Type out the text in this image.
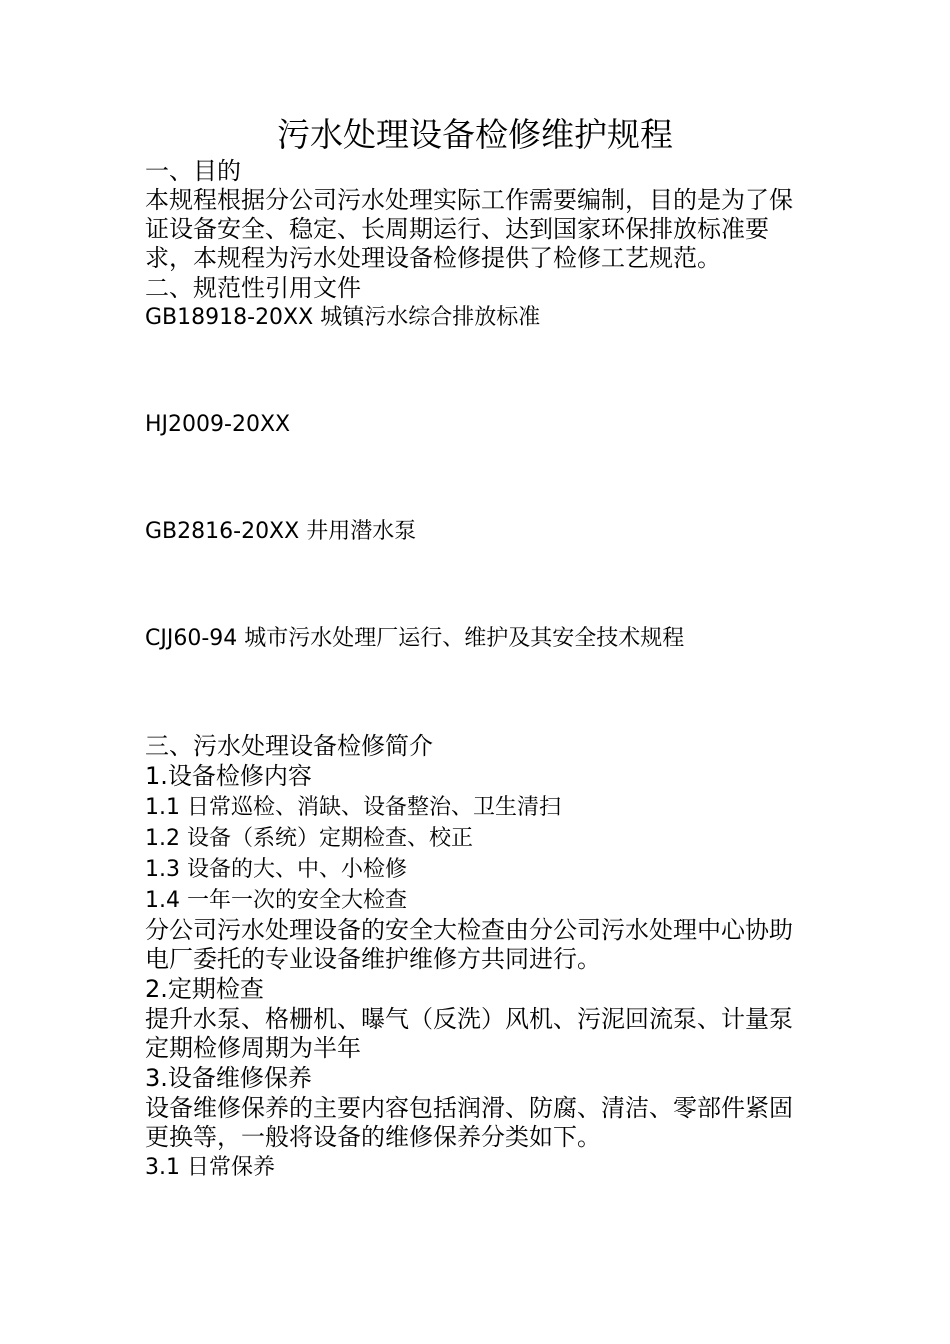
污水处理设备检修维护规程
一、目的
本规程根据分公司污水处理实际工作需要编制，目的是为了保证设备安全、稳定、长周期运行、达到国家环保排放标准要求，本规程为污水处理设备检修提供了检修工艺规范。
二、规范性引用文件
GB18918-20XX 城镇污水综合排放标准
HJ2009-20XX
GB2816-20XX 井用潜水泵
CJJ60-94 城市污水处理厂运行、维护及其安全技术规程
三、污水处理设备检修简介
1.设备检修内容
1.1 日常巡检、消缺、设备整治、卫生清扫
1.2 设备（系统）定期检查、校正
1.3 设备的大、中、小检修
1.4 一年一次的安全大检查
分公司污水处理设备的安全大检查由分公司污水处理中心协助电厂委托的专业设备维护维修方共同进行。
2.定期检查
提升水泵、格栅机、曝气（反洗）风机、污泥回流泵、计量泵定期检修周期为半年
3.设备维修保养
设备维修保养的主要内容包括润滑、防腐、清洁、零部件紧固更换等，一般将设备的维修保养分类如下。
3.1 日常保养
